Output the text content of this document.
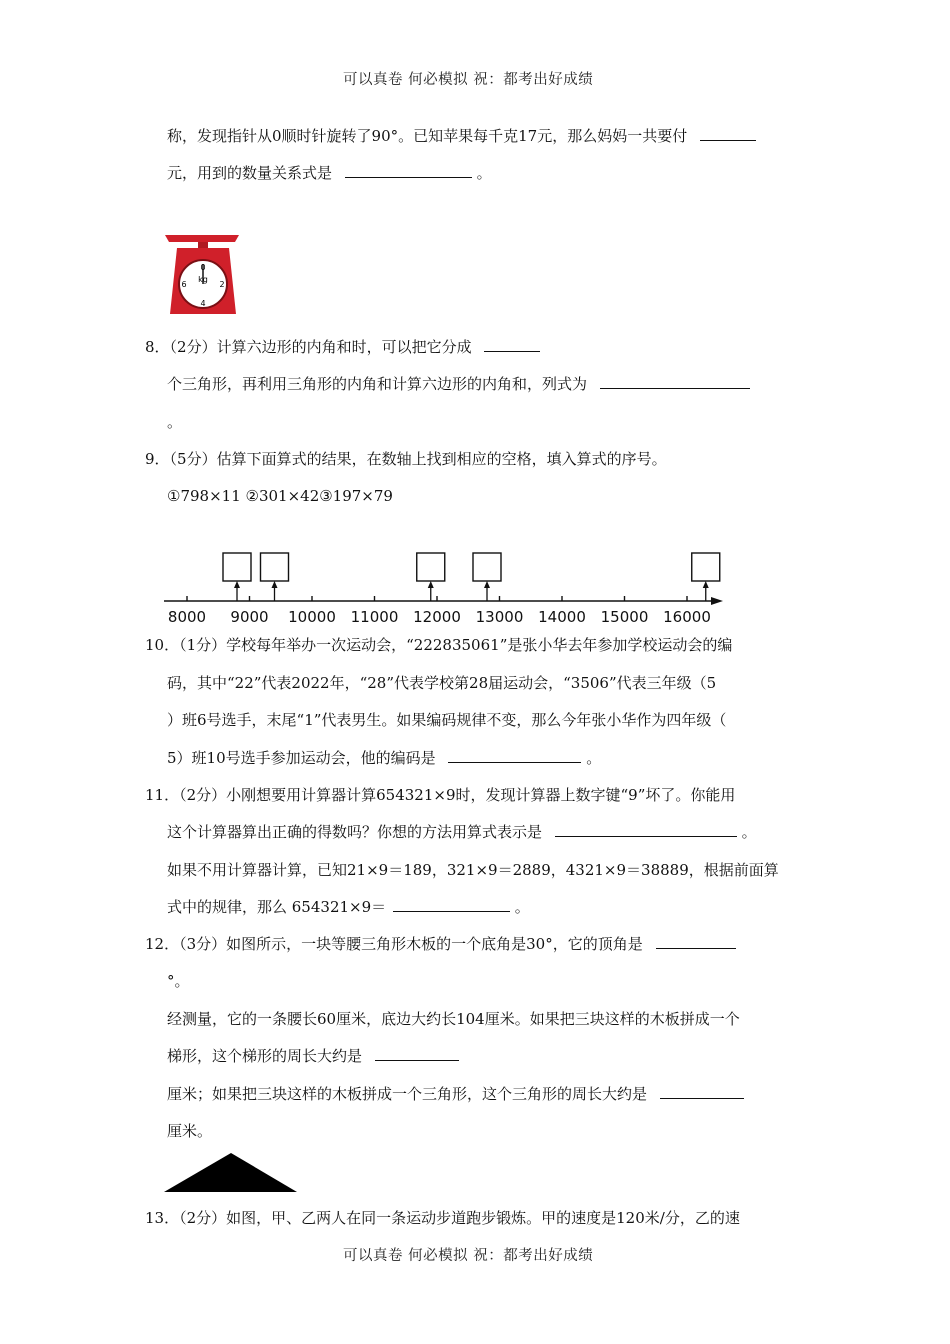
可以真卷 何必模拟 祝：都考出好成绩
称，发现指针从0顺时针旋转了90°。已知苹果每千克17元，那么妈妈一共要付
元，用到的数量关系式是	。
0
2
4
6
kg
8．（2分）计算六边形的内角和时，可以把它分成
个三角形，再利用三角形的内角和计算六边形的内角和，列式为
。
9．（5分）估算下面算式的结果，在数轴上找到相应的空格，填入算式的序号。
①798×11 ②301×42③197×79
8000 9000 10000 11000 12000 13000 14000 15000 16000
10．（1分）学校每年举办一次运动会，“222835061”是张小华去年参加学校运动会的编
码，其中“22”代表2022年，“28”代表学校第28届运动会，“3506”代表三年级（5
）班6号选手，末尾“1”代表男生。如果编码规律不变，那么今年张小华作为四年级（
5）班10号选手参加运动会，他的编码是	。
11．（2分）小刚想要用计算器计算654321×9时，发现计算器上数字键“9”坏了。你能用
这个计算器算出正确的得数吗？你想的方法用算式表示是	。
如果不用计算器计算，已知21×9＝189，321×9＝2889，4321×9＝38889，根据前面算
式中的规律，那么 654321×9＝	。
12．（3分）如图所示，一块等腰三角形木板的一个底角是30°，它的顶角是
°。
经测量，它的一条腰长60厘米，底边大约长104厘米。如果把三块这样的木板拼成一个
梯形，这个梯形的周长大约是
厘米；如果把三块这样的木板拼成一个三角形，这个三角形的周长大约是
厘米。
13．（2分）如图，甲、乙两人在同一条运动步道跑步锻炼。甲的速度是120米/分，乙的速
可以真卷 何必模拟 祝：都考出好成绩
